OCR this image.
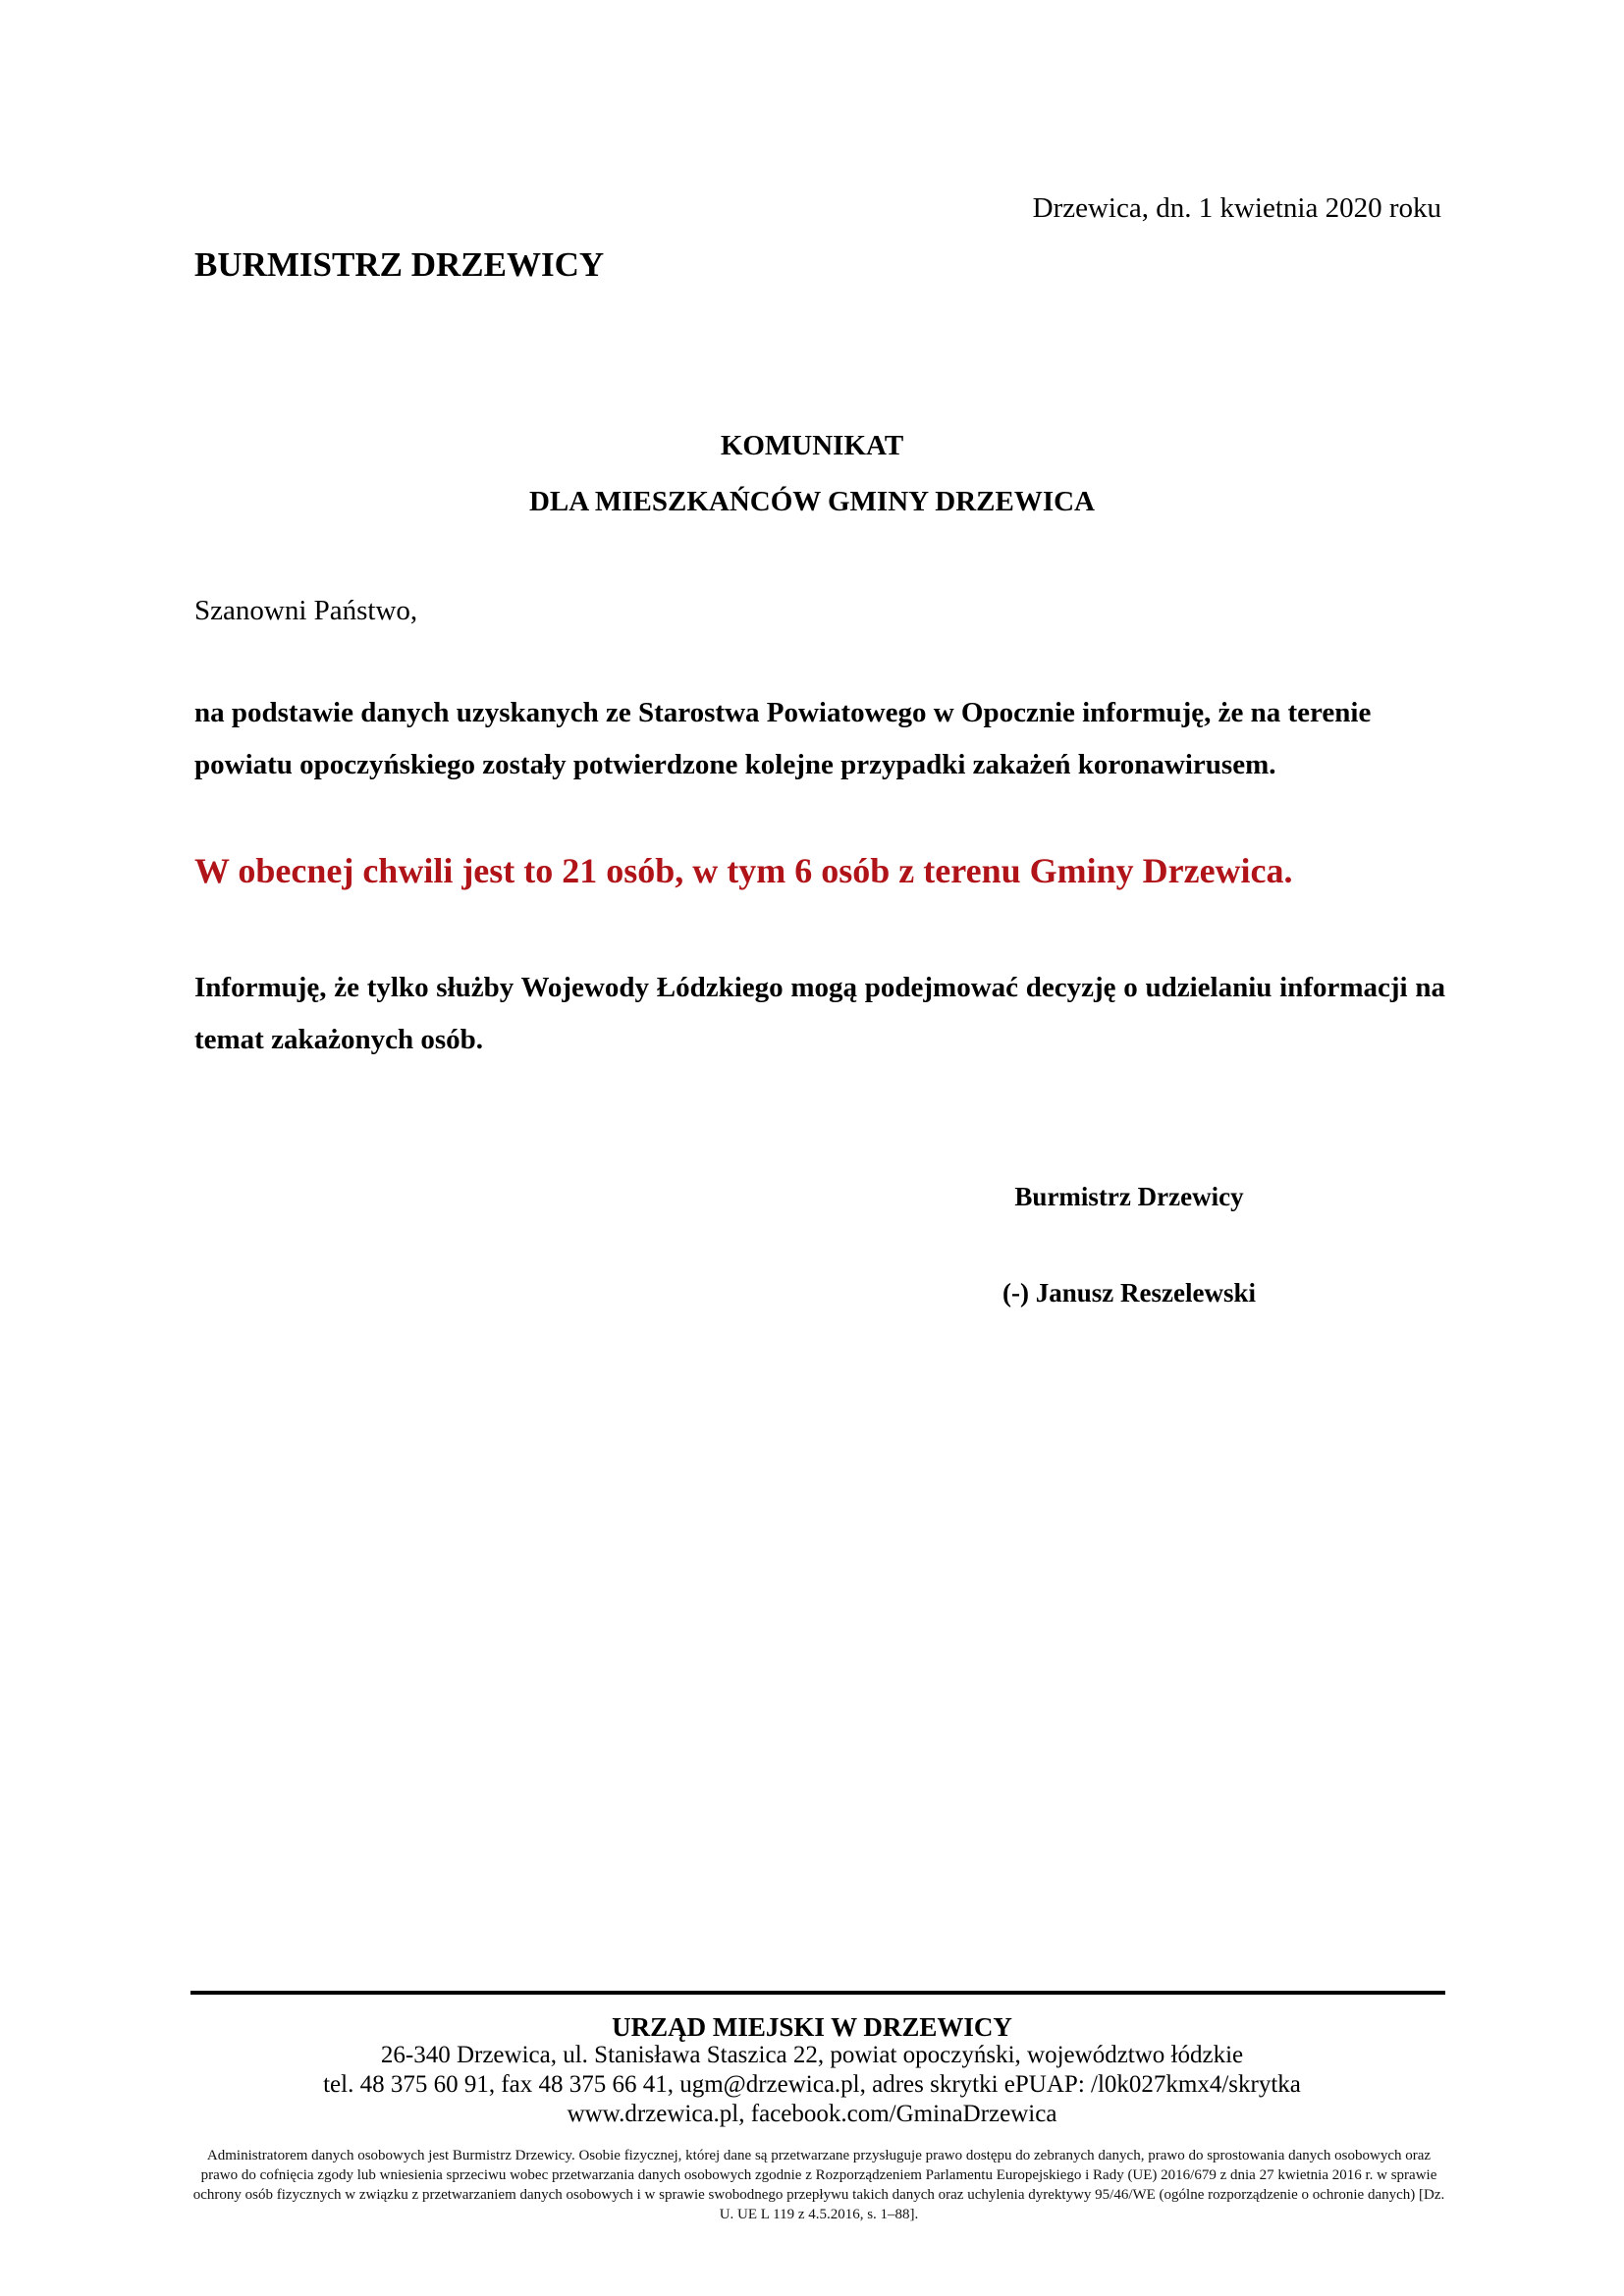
Drzewica, dn. 1 kwietnia 2020 roku
BURMISTRZ DRZEWICY
KOMUNIKAT
DLA MIESZKAŃCÓW GMINY DRZEWICA
Szanowni Państwo,
na podstawie danych uzyskanych ze Starostwa Powiatowego w Opocznie informuję, że na terenie
powiatu opoczyńskiego zostały potwierdzone kolejne przypadki zakażeń koronawirusem.
W obecnej chwili jest to 21 osób, w tym 6 osób z terenu Gminy Drzewica.
Informuję, że tylko służby Wojewody Łódzkiego mogą podejmować decyzję o udzielaniu informacji na temat zakażonych osób.
Burmistrz Drzewicy
(-) Janusz Reszelewski
URZĄD MIEJSKI W DRZEWICY
26-340 Drzewica, ul. Stanisława Staszica 22, powiat opoczyński, województwo łódzkie
tel. 48 375 60 91, fax 48 375 66 41, ugm@drzewica.pl, adres skrytki ePUAP: /l0k027kmx4/skrytka
www.drzewica.pl, facebook.com/GminaDrzewica
Administratorem danych osobowych jest Burmistrz Drzewicy. Osobie fizycznej, której dane są przetwarzane przysługuje prawo dostępu do zebranych danych, prawo do sprostowania danych osobowych oraz prawo do cofnięcia zgody lub wniesienia sprzeciwu wobec przetwarzania danych osobowych zgodnie z Rozporządzeniem Parlamentu Europejskiego i Rady (UE) 2016/679 z dnia 27 kwietnia 2016 r. w sprawie ochrony osób fizycznych w związku z przetwarzaniem danych osobowych i w sprawie swobodnego przepływu takich danych oraz uchylenia dyrektywy 95/46/WE (ogólne rozporządzenie o ochronie danych) [Dz. U. UE L 119 z 4.5.2016, s. 1–88].
